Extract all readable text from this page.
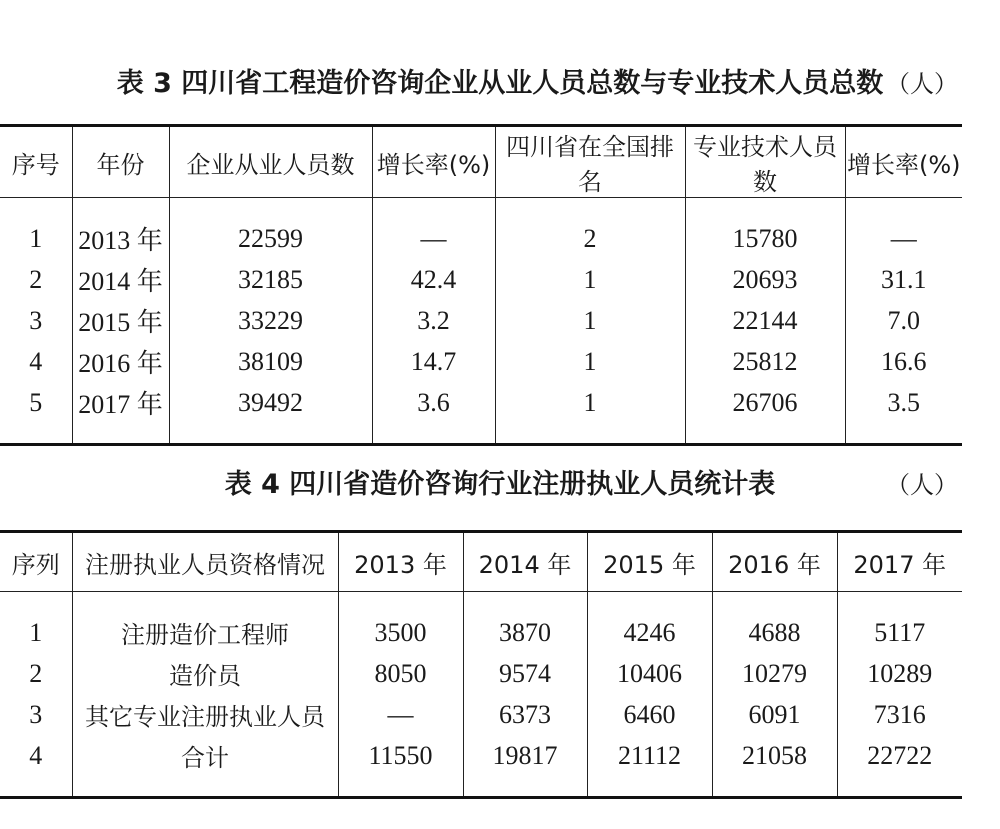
表 3 四川省工程造价咨询企业从业人员总数与专业技术人员总数 （人）
序号	年份	企业从业人员数	增长率(%)	四川省在全国排名	专业技术人员数	增长率(%)

1	2013 年	22599	—	2	15780	—
2	2014 年	32185	42.4	1	20693	31.1
3	2015 年	33229	3.2	1	22144	7.0
4	2016 年	38109	14.7	1	25812	16.6
5	2017 年	39492	3.6	1	26706	3.5

表 4 四川省造价咨询行业注册执业人员统计表	（人）
序列	注册执业人员资格情况	2013 年	2014 年	2015 年	2016 年	2017 年

1	注册造价工程师	3500	3870	4246	4688	5117
2	造价员	8050	9574	10406	10279	10289
3	其它专业注册执业人员	—	6373	6460	6091	7316
4	合计	11550	19817	21112	21058	22722
